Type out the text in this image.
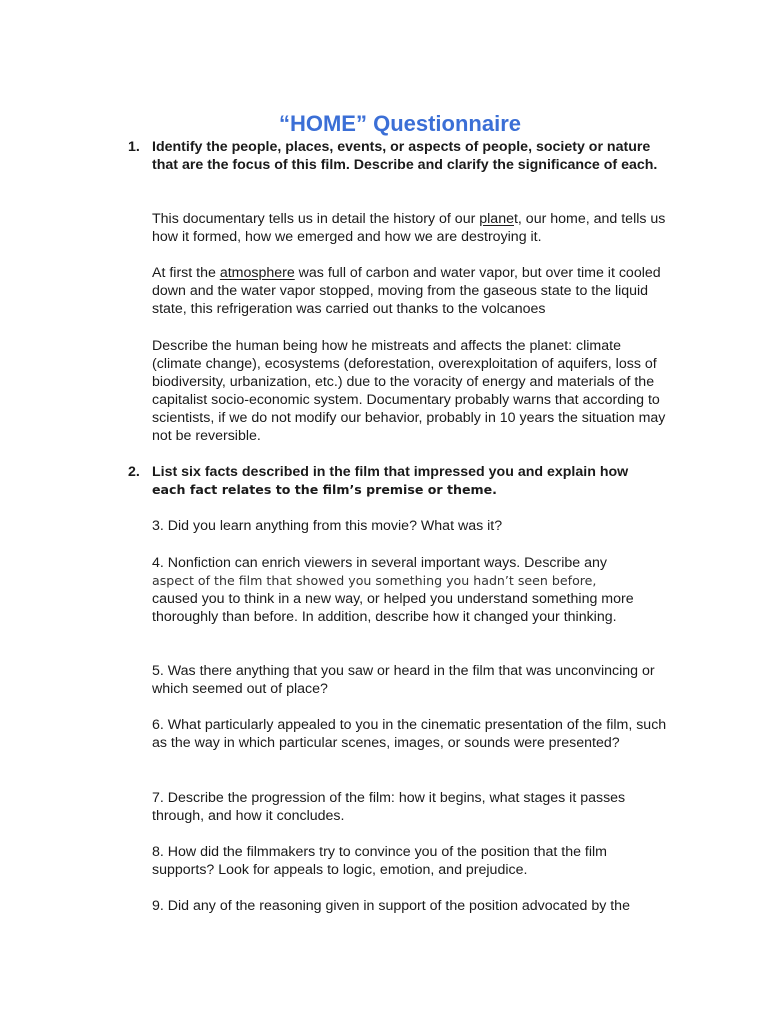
“HOME” Questionnaire
1. Identify the people, places, events, or aspects of people, society or nature that are the focus of this film. Describe and clarify the significance of each.
This documentary tells us in detail the history of our planet, our home, and tells us how it formed, how we emerged and how we are destroying it.
At first the atmosphere was full of carbon and water vapor, but over time it cooled down and the water vapor stopped, moving from the gaseous state to the liquid state, this refrigeration was carried out thanks to the volcanoes
Describe the human being how he mistreats and affects the planet: climate (climate change), ecosystems (deforestation, overexploitation of aquifers, loss of biodiversity, urbanization, etc.) due to the voracity of energy and materials of the capitalist socio-economic system. Documentary probably warns that according to scientists, if we do not modify our behavior, probably in 10 years the situation may not be reversible.
2. List six facts described in the film that impressed you and explain how
each fact relates to the film’s premise or theme.
3. Did you learn anything from this movie? What was it?
4. Nonfiction can enrich viewers in several important ways. Describe any
aspect of the film that showed you something you hadn’t seen before,
caused you to think in a new way, or helped you understand something more thoroughly than before. In addition, describe how it changed your thinking.
5. Was there anything that you saw or heard in the film that was unconvincing or which seemed out of place?
6. What particularly appealed to you in the cinematic presentation of the film, such as the way in which particular scenes, images, or sounds were presented?
7. Describe the progression of the film: how it begins, what stages it passes through, and how it concludes.
8. How did the filmmakers try to convince you of the position that the film supports? Look for appeals to logic, emotion, and prejudice.
9. Did any of the reasoning given in support of the position advocated by the
